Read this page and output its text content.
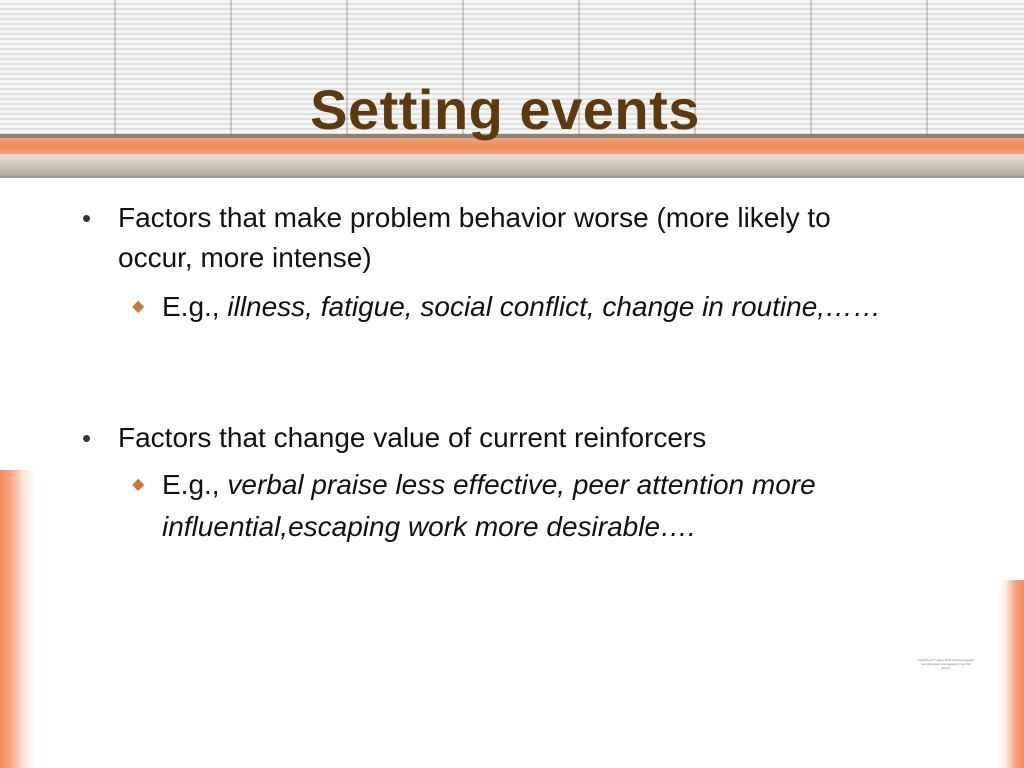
Setting events
• Factors that make problem behavior worse (more likely to occur, more intense)
◆ E.g., illness, fatigue, social conflict, change in routine,……
• Factors that change value of current reinforcers
◆ E.g., verbal praise less effective, peer attention more influential,escaping work more desirable….
QuickTime™ and a TIFF (Uncompressed) decompressor are needed to see this picture.
